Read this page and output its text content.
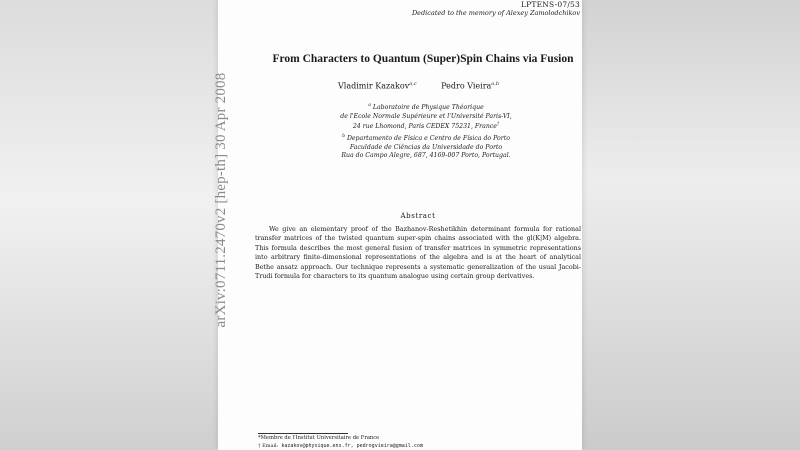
LPTENS-07/53
Dedicated to the memory of Alexey Zamolodchikov
From Characters to Quantum (Super)Spin Chains via Fusion
Vladimir Kazakov$^{a,c}$	Pedro Vieira$^{a,b}$
$^a$ Laboratoire de Physique Théorique
de l'Ecole Normale Supérieure et l'Université Paris-VI,
24 rue Lhomond, Paris CEDEX 75231, France†
$^b$ Departamento de Física e Centro de Física do Porto
Faculdade de Ciências da Universidade do Porto
Rua do Campo Alegre, 687, 4169-007 Porto, Portugal.
Abstract
We give an elementary proof of the Bazhanov-Reshetikhin determinant formula for rational transfer matrices of the twisted quantum super-spin chains associated with the gl(K|M) algebra. This formula describes the most general fusion of transfer matrices in symmetric representations into arbitrary finite-dimensional representations of the algebra and is at the heart of analytical Bethe ansatz approach. Our technique represents a systematic generalization of the usual Jacobi-Trudi formula for characters to its quantum analogue using certain group derivatives.
*Membre de l'Institut Universitaire de France
† Email: kazakov@physique.ens.fr, pedrogvieira@gmail.com
arXiv:0711.2470v2 [hep-th] 30 Apr 2008
